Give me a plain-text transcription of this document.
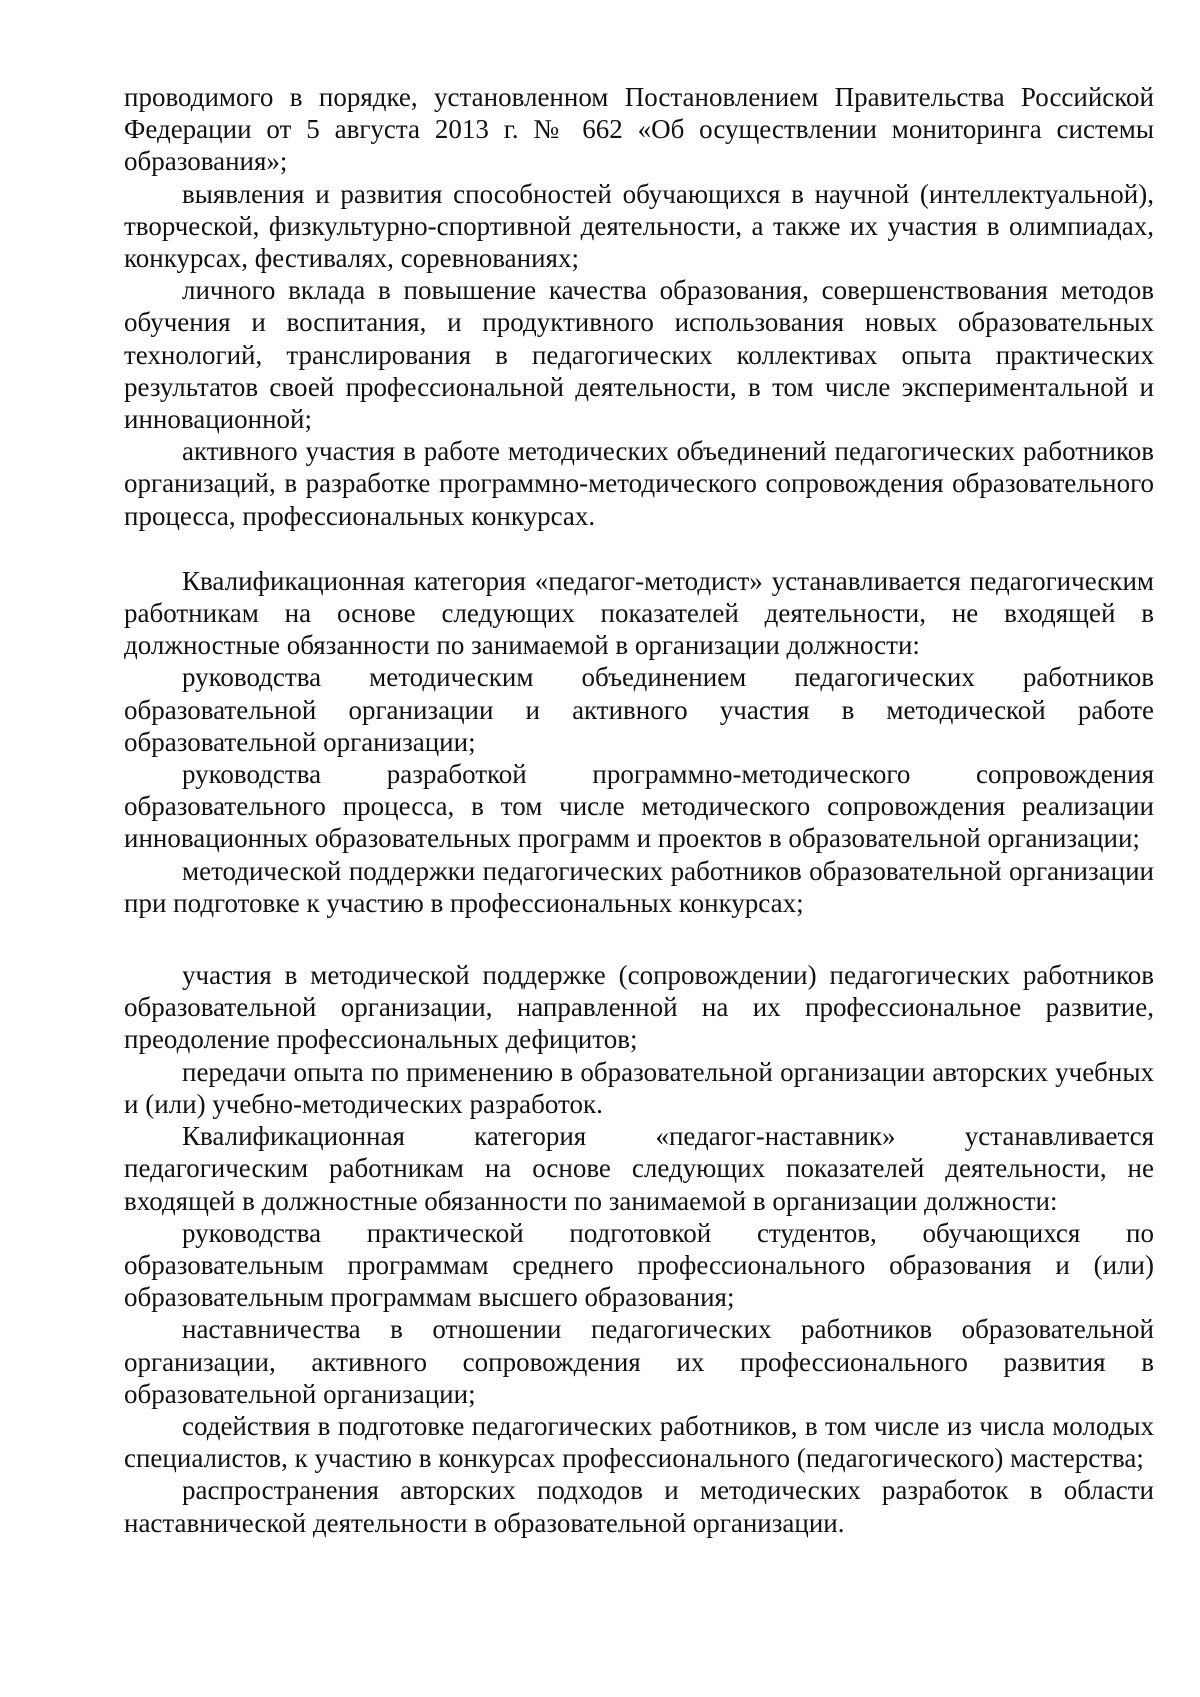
проводимого в порядке, установленном Постановлением Правительства Российской Федерации от 5 августа 2013 г. № 662 «Об осуществлении мониторинга системы образования»;

выявления и развития способностей обучающихся в научной (интеллектуальной), творческой, физкультурно-спортивной деятельности, а также их участия в олимпиадах, конкурсах, фестивалях, соревнованиях;

личного вклада в повышение качества образования, совершенствования методов обучения и воспитания, и продуктивного использования новых образовательных технологий, транслирования в педагогических коллективах опыта практических результатов своей профессиональной деятельности, в том числе экспериментальной и инновационной;

активного участия в работе методических объединений педагогических работников организаций, в разработке программно-методического сопровождения образовательного процесса, профессиональных конкурсах.

Квалификационная категория «педагог-методист» устанавливается педагогическим работникам на основе следующих показателей деятельности, не входящей в должностные обязанности по занимаемой в организации должности:

руководства методическим объединением педагогических работников образовательной организации и активного участия в методической работе образовательной организации;

руководства разработкой программно-методического сопровождения образовательного процесса, в том числе методического сопровождения реализации инновационных образовательных программ и проектов в образовательной организации;

методической поддержки педагогических работников образовательной организации при подготовке к участию в профессиональных конкурсах;

участия в методической поддержке (сопровождении) педагогических работников образовательной организации, направленной на их профессиональное развитие, преодоление профессиональных дефицитов;

передачи опыта по применению в образовательной организации авторских учебных и (или) учебно-методических разработок.

Квалификационная категория «педагог-наставник» устанавливается педагогическим работникам на основе следующих показателей деятельности, не входящей в должностные обязанности по занимаемой в организации должности:

руководства практической подготовкой студентов, обучающихся по образовательным программам среднего профессионального образования и (или) образовательным программам высшего образования;

наставничества в отношении педагогических работников образовательной организации, активного сопровождения их профессионального развития в образовательной организации;

содействия в подготовке педагогических работников, в том числе из числа молодых специалистов, к участию в конкурсах профессионального (педагогического) мастерства;

распространения авторских подходов и методических разработок в области наставнической деятельности в образовательной организации.
